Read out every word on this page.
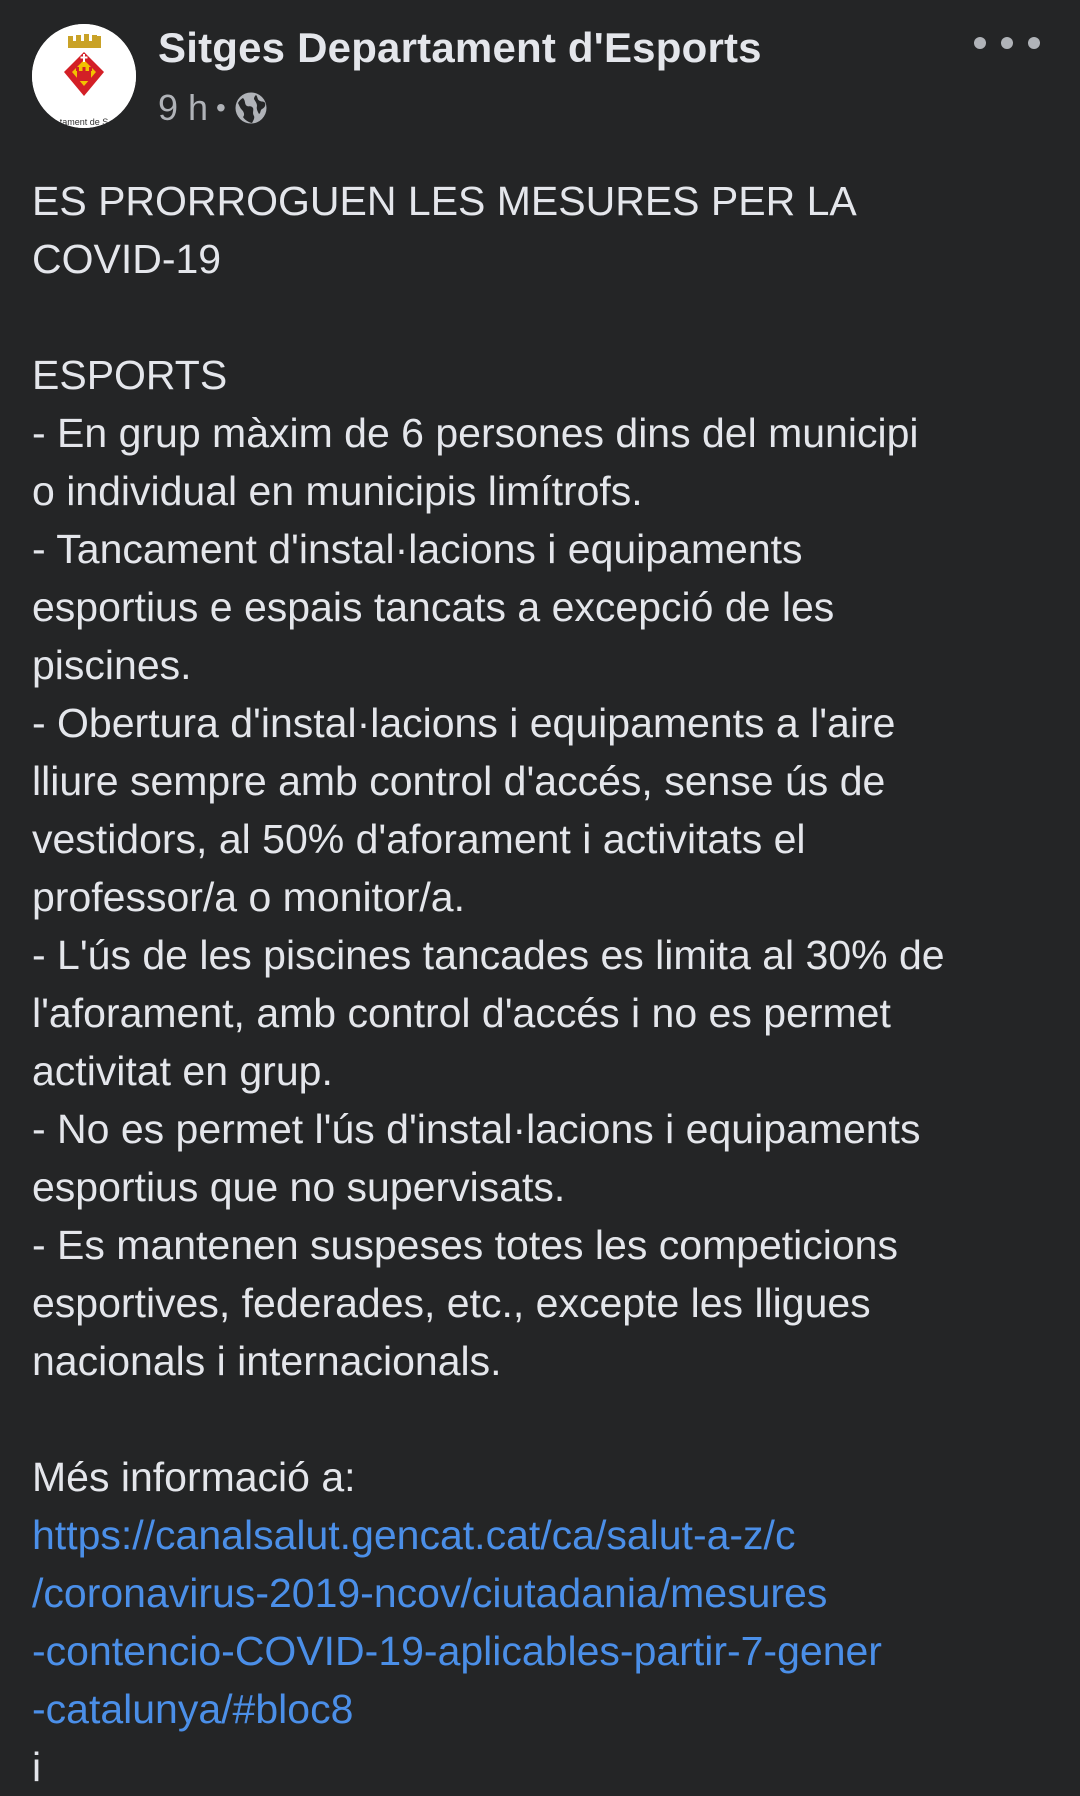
tament de S
Sitges Departament d'Esports
9 h •
ES PRORROGUEN LES MESURES PER LA
COVID-19
ESPORTS
- En grup màxim de 6 persones dins del municipi
o individual en municipis limítrofs.
- Tancament d'instal·lacions i equipaments
esportius e espais tancats a excepció de les
piscines.
- Obertura d'instal·lacions i equipaments a l'aire
lliure sempre amb control d'accés, sense ús de
vestidors, al 50% d'aforament i activitats el
professor/a o monitor/a.
- L'ús de les piscines tancades es limita al 30% de
l'aforament, amb control d'accés i no es permet
activitat en grup.
- No es permet l'ús d'instal·lacions i equipaments
esportius que no supervisats.
- Es mantenen suspeses totes les competicions
esportives, federades, etc., excepte les lligues
nacionals i internacionals.
Més informació a:
https://canalsalut.gencat.cat/ca/salut-a-z/c
/coronavirus-2019-ncov/ciutadania/mesures
-contencio-COVID-19-aplicables-partir-7-gener
-catalunya/#bloc8
i
